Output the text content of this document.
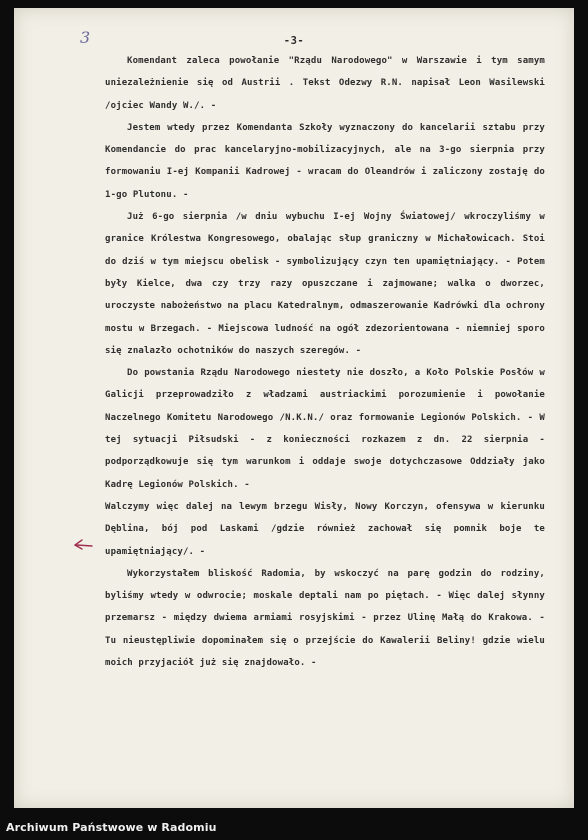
3	-3-

Komendant zaleca powołanie "Rządu Narodowego" w Warszawie i tym samym uniezależnienie się od Austrii . Tekst Odezwy R.N. napisał Leon Wasilewski /ojciec Wandy W./. -

Jestem wtedy przez Komendanta Szkoły wyznaczony do kancelarii sztabu przy Komendancie do prac kancelaryjno-mobilizacyjnych, ale na 3-go sierpnia przy formowaniu I-ej Kompanii Kadrowej - wracam do Oleandrów i zaliczony zostaję do 1-go Plutonu. -

Już 6-go sierpnia /w dniu wybuchu I-ej Wojny Światowej/ wkroczyliśmy w granice Królestwa Kongresowego, obalając słup graniczny w Michałowicach. Stoi do dziś w tym miejscu obelisk - symbolizujący czyn ten upamiętniający. - Potem były Kielce, dwa czy trzy razy opuszczane i zajmowane; walka o dworzec, uroczyste nabożeństwo na placu Katedralnym, odmaszerowanie Kadrówki dla ochrony mostu w Brzegach. - Miejscowa ludność na ogół zdezorientowana - niemniej sporo się znalazło ochotników do naszych szeregów. -

Do powstania Rządu Narodowego niestety nie doszło, a Koło Polskie Posłów w Galicji przeprowadziło z władzami austriackimi porozumienie i powołanie Naczelnego Komitetu Narodowego /N.K.N./ oraz formowanie Legionów Polskich. - W tej sytuacji Piłsudski - z konieczności rozkazem z dn. 22 sierpnia - podporządkowuje się tym warunkom i oddaje swoje dotychczasowe Oddziały jako Kadrę Legionów Polskich. -

Walczymy więc dalej na lewym brzegu Wisły, Nowy Korczyn, ofensywa w kierunku Dęblina, bój pod Laskami /gdzie również zachował się pomnik boje te upamiętniający/. -

Wykorzystałem bliskość Radomia, by wskoczyć na parę godzin do rodziny, byliśmy wtedy w odwrocie; moskale deptali nam po piętach. - Więc dalej słynny przemarsz - między dwiema armiami rosyjskimi - przez Ulinę Małą do Krakowa. - Tu nieustępliwie dopominałem się o przejście do Kawalerii Beliny! gdzie wielu moich przyjaciół już się znajdowało. -

Archiwum Państwowe w Radomiu
